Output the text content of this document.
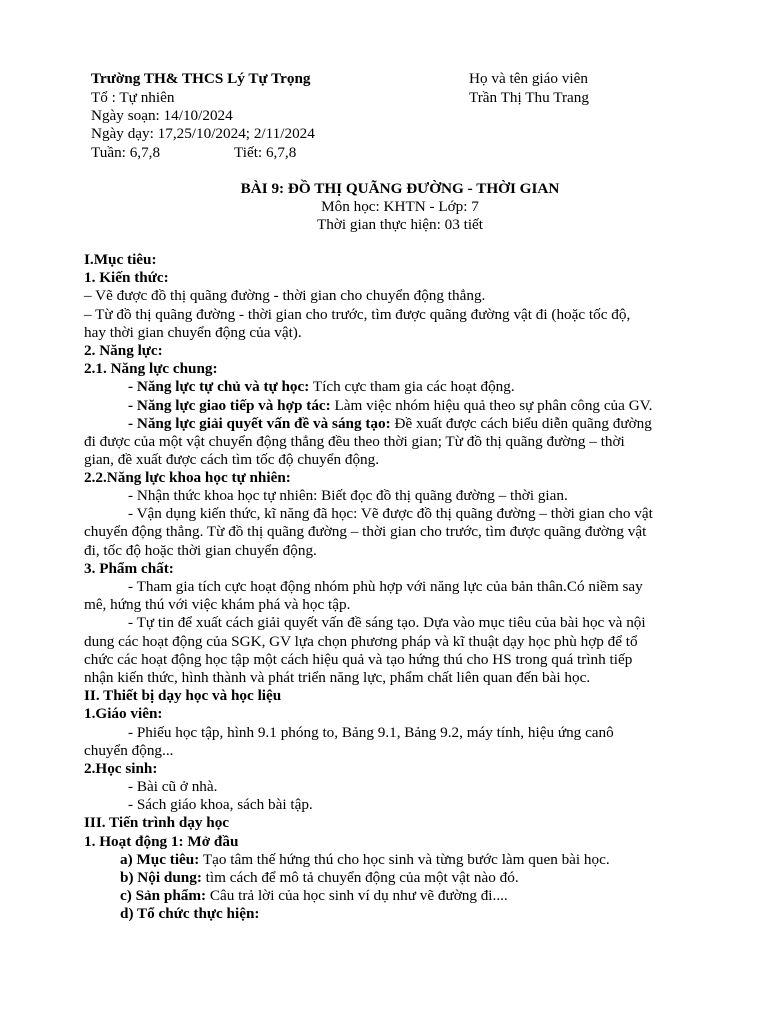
Trường TH& THCS Lý Tự Trọng	Họ và tên giáo viên
Tổ : Tự nhiên	Trần Thị Thu Trang
Ngày soạn: 14/10/2024
Ngày dạy: 17,25/10/2024; 2/11/2024
Tuần: 6,7,8	Tiết: 6,7,8
BÀI 9: ĐỒ THỊ QUÃNG ĐƯỜNG - THỜI GIAN
Môn học: KHTN - Lớp: 7
Thời gian thực hiện: 03 tiết
I.Mục tiêu:
1. Kiến thức:
– Vẽ được đồ thị quãng đường - thời gian cho chuyển động thẳng.
– Từ đồ thị quãng đường - thời gian cho trước, tìm được quãng đường vật đi (hoặc tốc độ,
hay thời gian chuyển động của vật).
2. Năng lực:
2.1. Năng lực chung:
- Năng lực tự chủ và tự học: Tích cực tham gia các hoạt động.
- Năng lực giao tiếp và hợp tác: Làm việc nhóm hiệu quả theo sự phân công của GV.
- Năng lực giải quyết vấn đề và sáng tạo: Đề xuất được cách biểu diễn quãng đường
đi được của một vật chuyển động thẳng đều theo thời gian; Từ đồ thị quãng đường – thời
gian, đề xuất được cách tìm tốc độ chuyển động.
2.2.Năng lực khoa học tự nhiên:
- Nhận thức khoa học tự nhiên: Biết đọc đồ thị quãng đường – thời gian.
- Vận dụng kiến thức, kĩ năng đã học: Vẽ được đồ thị quãng đường – thời gian cho vật
chuyển động thẳng. Từ đồ thị quãng đường – thời gian cho trước, tìm được quãng đường vật
đi, tốc độ hoặc thời gian chuyển động.
3. Phẩm chất:
- Tham gia tích cực hoạt động nhóm phù hợp với năng lực của bản thân.Có niềm say
mê, hứng thú với việc khám phá và học tập.
- Tự tin để xuất cách giải quyết vấn đề sáng tạo. Dựa vào mục tiêu của bài học và nội
dung các hoạt động của SGK, GV lựa chọn phương pháp và kĩ thuật dạy học phù hợp để tổ
chức các hoạt động học tập một cách hiệu quả và tạo hứng thú cho HS trong quá trình tiếp
nhận kiến thức, hình thành và phát triển năng lực, phẩm chất liên quan đến bài học.
II. Thiết bị dạy học và học liệu
1.Giáo viên:
- Phiếu học tập, hình 9.1 phóng to, Bảng 9.1, Bảng 9.2, máy tính, hiệu ứng canô
chuyển động...
2.Học sinh:
- Bài cũ ở nhà.
- Sách giáo khoa, sách bài tập.
III. Tiến trình dạy học
1. Hoạt động 1: Mở đầu
a) Mục tiêu: Tạo tâm thế hứng thú cho học sinh và từng bước làm quen bài học.
b) Nội dung: tìm cách để mô tả chuyển động của một vật nào đó.
c) Sản phẩm: Câu trả lời của học sinh ví dụ như vẽ đường đi....
d) Tổ chức thực hiện:
